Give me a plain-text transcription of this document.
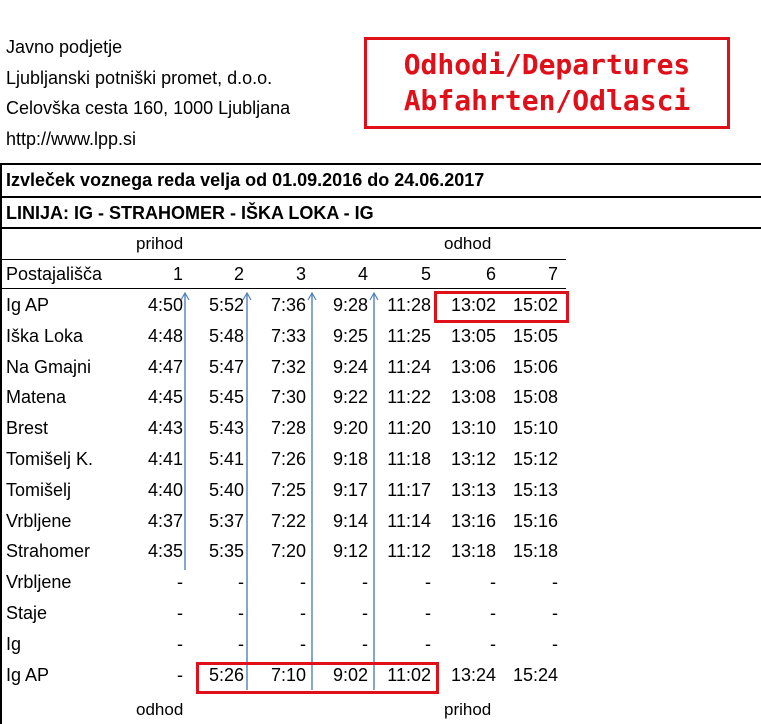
Javno podjetje
Ljubljanski potniški promet, d.o.o.
Celovška cesta 160, 1000 Ljubljana
http://www.lpp.si
Odhodi/Departures
Abfahrten/Odlasci
Izvleček voznega reda velja od 01.09.2016 do 24.06.2017
LINIJA: IG - STRAHOMER - IŠKA LOKA - IG
prihod	odhod
Postajališča	1	2	3	4	5	6	7
Ig AP	4:50 5:52 7:36 9:28 11:28 13:02 15:02
Iška Loka	4:48 5:48 7:33 9:25 11:25 13:05 15:05
Na Gmajni	4:47 5:47 7:32 9:24 11:24 13:06 15:06
Matena	4:45 5:45 7:30 9:22 11:22 13:08 15:08
Brest	4:43 5:43 7:28 9:20 11:20 13:10 15:10
Tomišelj K.	4:41 5:41 7:26 9:18 11:18 13:12 15:12
Tomišelj	4:40 5:40 7:25 9:17 11:17 13:13 15:13
Vrbljene	4:37 5:37 7:22 9:14 11:14 13:16 15:16
Strahomer	4:35 5:35 7:20 9:12 11:12 13:18 15:18
Vrbljene	-	-	-	-	-	-	-
Staje	-	-	-	-	-	-	-
Ig	-	-	-	-	-	-	-
Ig AP	- 5:26 7:10 9:02 11:02 13:24 15:24
odhod	prihod
